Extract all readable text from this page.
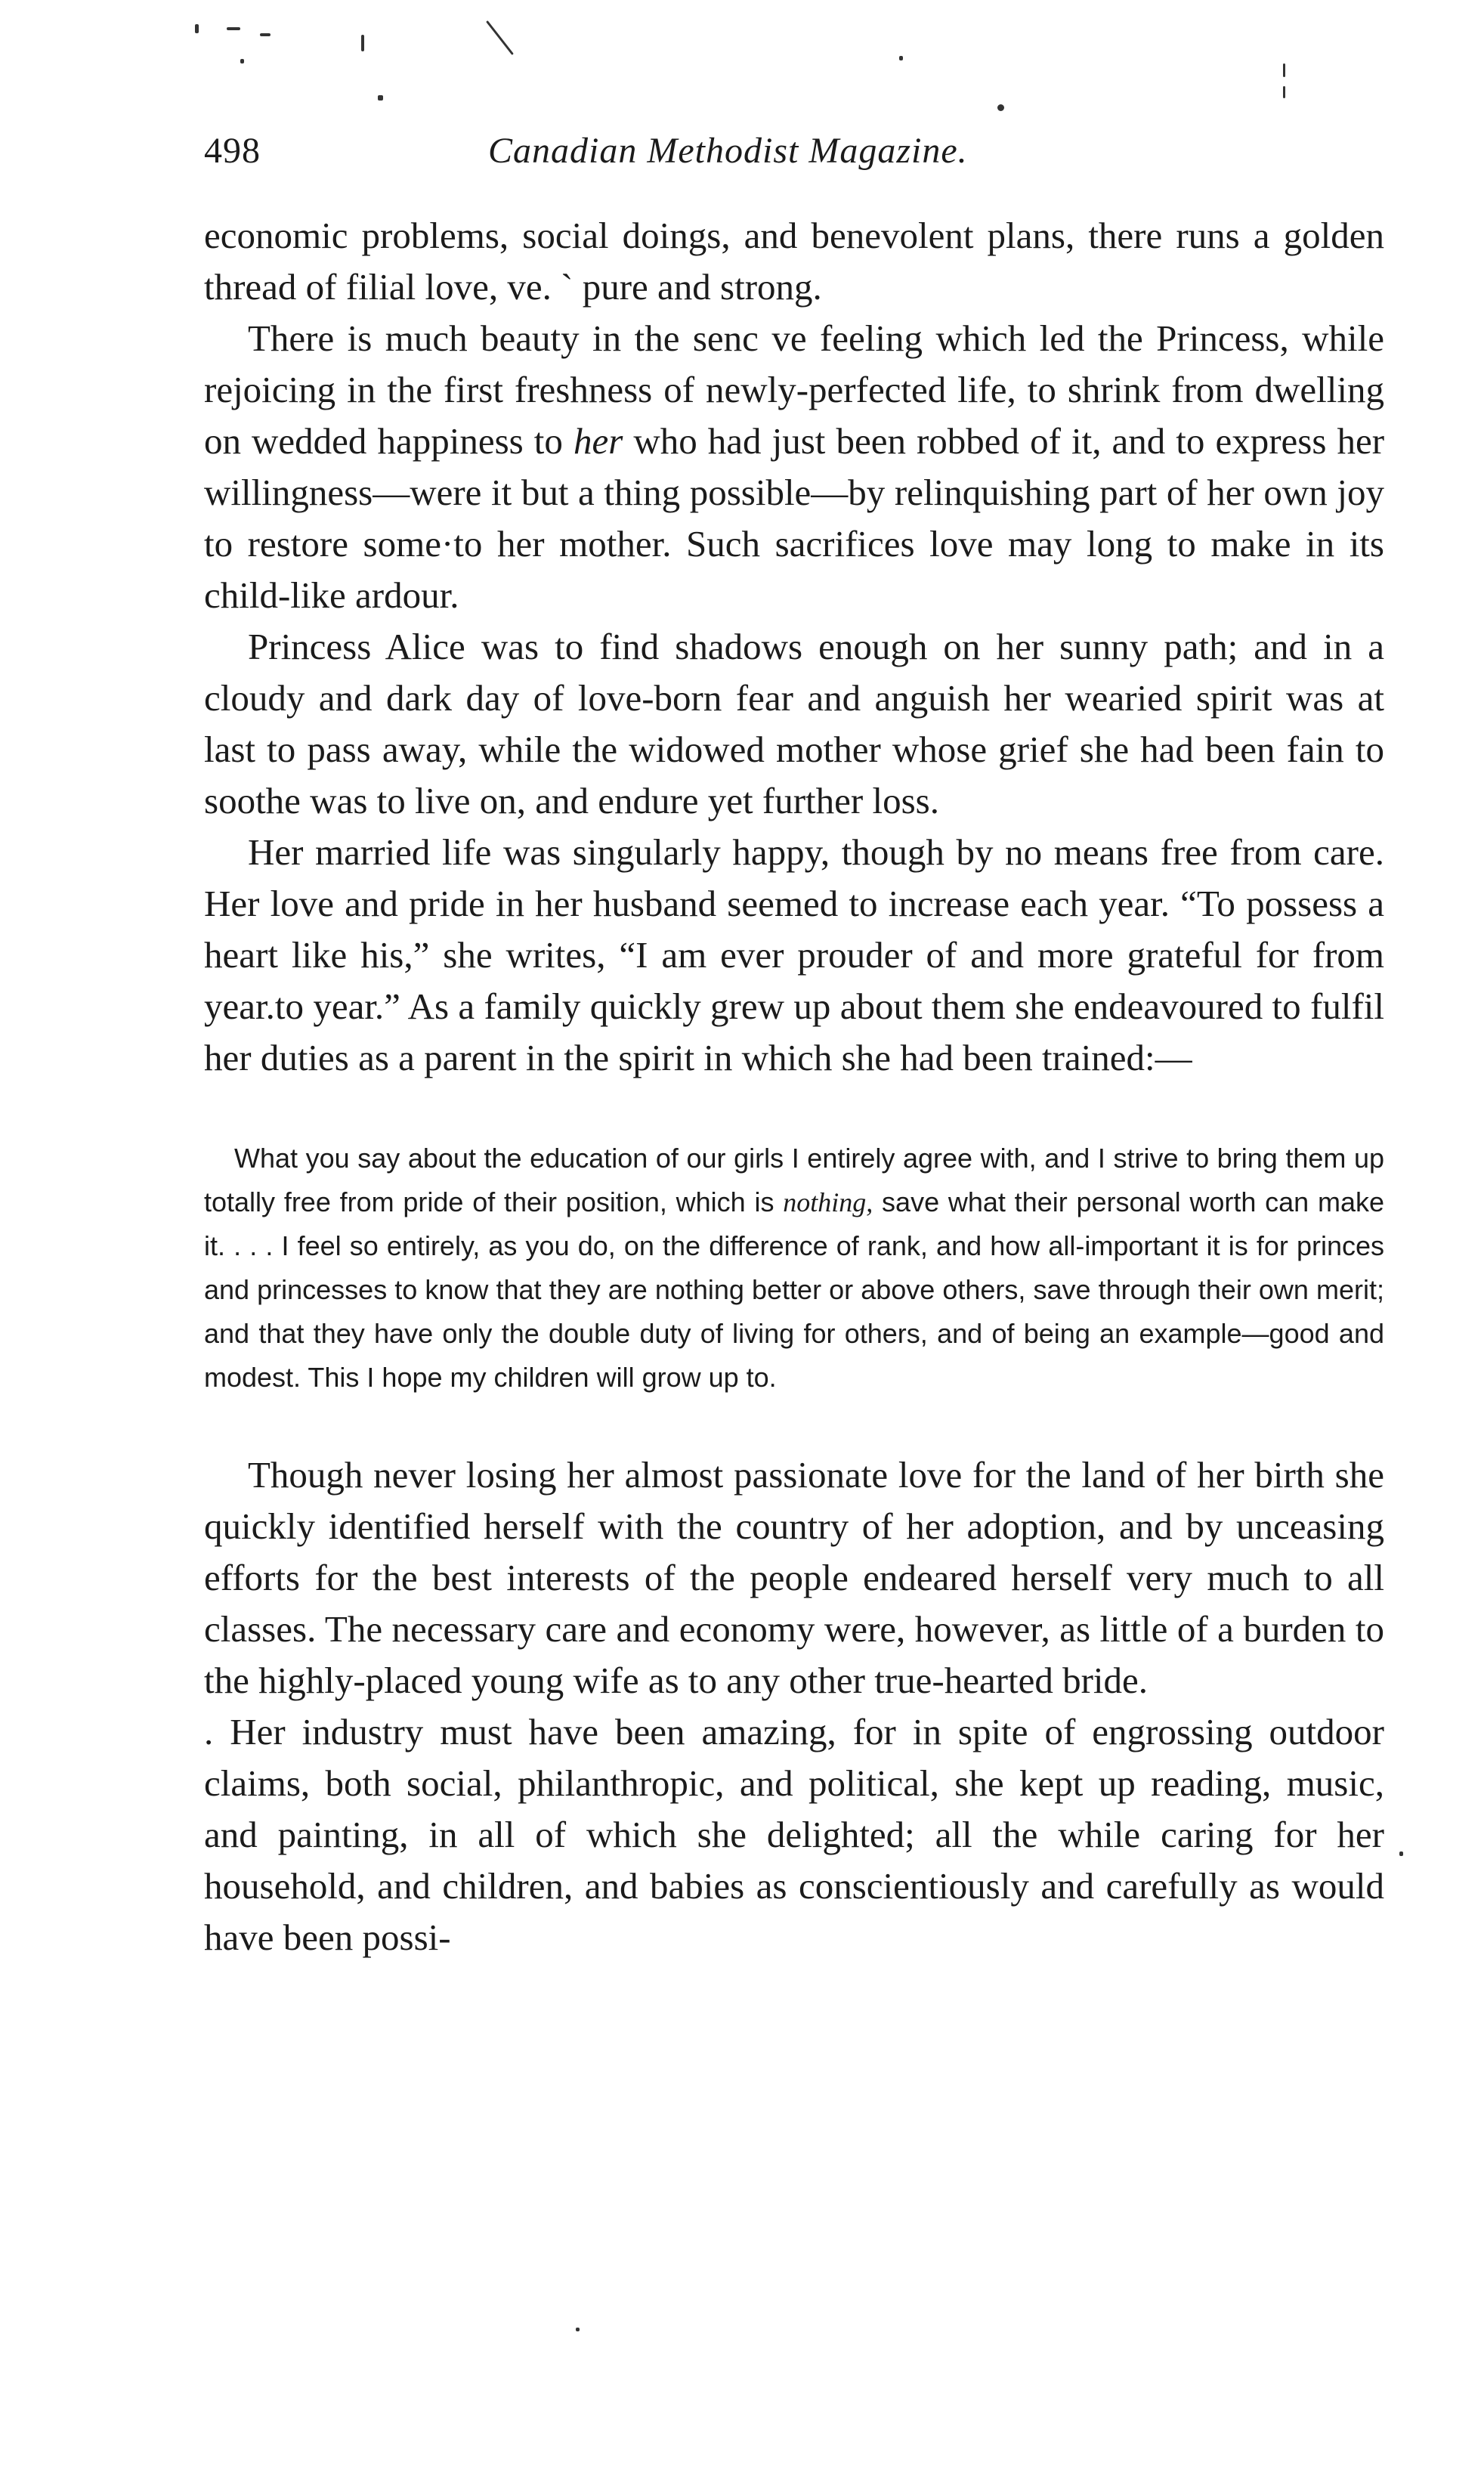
498	Canadian Methodist Magazine.

economic problems, social doings, and benevolent plans, there runs a golden thread of filial love, ve. ` pure and strong.

There is much beauty in the senc ve feeling which led the Princess, while rejoicing in the first freshness of newly-perfected life, to shrink from dwelling on wedded happiness to her who had just been robbed of it, and to express her willingness—were it but a thing possible—by relinquishing part of her own joy to restore some·to her mother. Such sacrifices love may long to make in its child-like ardour.

Princess Alice was to find shadows enough on her sunny path; and in a cloudy and dark day of love-born fear and anguish her wearied spirit was at last to pass away, while the widowed mother whose grief she had been fain to soothe was to live on, and endure yet further loss.

Her married life was singularly happy, though by no means free from care. Her love and pride in her husband seemed to increase each year. “To possess a heart like his,” she writes, “I am ever prouder of and more grateful for from year.to year.” As a family quickly grew up about them she endeavoured to fulfil her duties as a parent in the spirit in which she had been trained:—

What you say about the education of our girls I entirely agree with, and I strive to bring them up totally free from pride of their position, which is nothing, save what their personal worth can make it. . . . I feel so entirely, as you do, on the difference of rank, and how all-important it is for princes and princesses to know that they are nothing better or above others, save through their own merit; and that they have only the double duty of living for others, and of being an example—good and modest. This I hope my children will grow up to.

Though never losing her almost passionate love for the land of her birth she quickly identified herself with the country of her adoption, and by unceasing efforts for the best interests of the people endeared herself very much to all classes. The necessary care and economy were, however, as little of a burden to the highly-placed young wife as to any other true-hearted bride.

. Her industry must have been amazing, for in spite of engrossing outdoor claims, both social, philanthropic, and political, she kept up reading, music, and painting, in all of which she delighted; all the while caring for her household, and children, and babies as conscientiously and carefully as would have been possi-
